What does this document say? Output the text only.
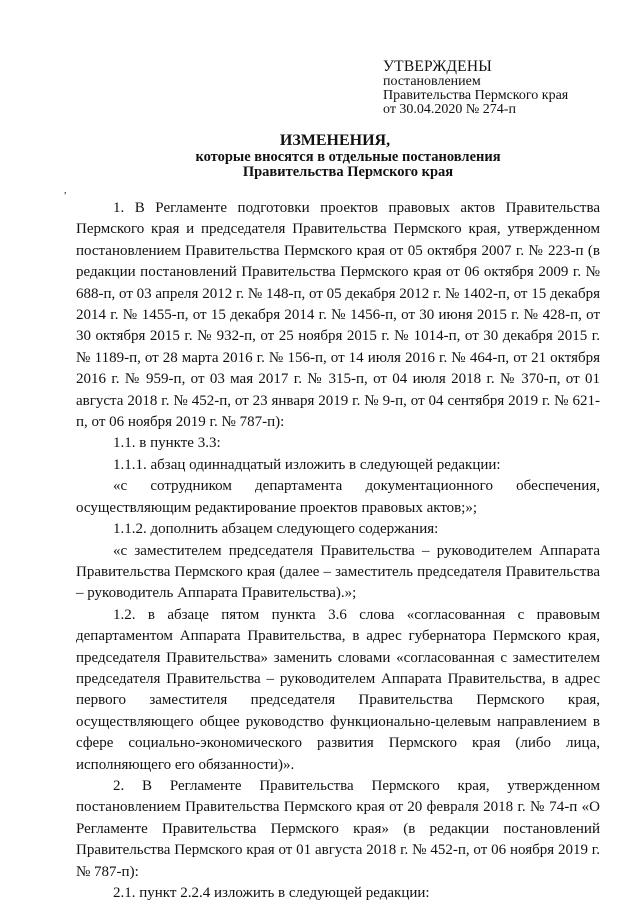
УТВЕРЖДЕНЫ
постановлением
Правительства Пермского края
от 30.04.2020 № 274-п
ИЗМЕНЕНИЯ,
которые вносятся в отдельные постановления
Правительства Пермского края
,

1. В Регламенте подготовки проектов правовых актов Правительства Пермского края и председателя Правительства Пермского края, утвержденном постановлением Правительства Пермского края от 05 октября 2007 г. № 223-п (в редакции постановлений Правительства Пермского края от 06 октября 2009 г. № 688-п, от 03 апреля 2012 г. № 148-п, от 05 декабря 2012 г. № 1402-п, от 15 декабря 2014 г. № 1455-п, от 15 декабря 2014 г. № 1456-п, от 30 июня 2015 г. № 428-п, от 30 октября 2015 г. № 932-п, от 25 ноября 2015 г. № 1014-п, от 30 декабря 2015 г. № 1189-п, от 28 марта 2016 г. № 156-п, от 14 июля 2016 г. № 464-п, от 21 октября 2016 г. № 959-п, от 03 мая 2017 г. № 315-п, от 04 июля 2018 г. № 370-п, от 01 августа 2018 г. № 452-п, от 23 января 2019 г. № 9-п, от 04 сентября 2019 г. № 621-п, от 06 ноября 2019 г. № 787-п):

1.1. в пункте 3.3:

1.1.1. абзац одиннадцатый изложить в следующей редакции:

«с сотрудником департамента документационного обеспечения, осуществляющим редактирование проектов правовых актов;»;

1.1.2. дополнить абзацем следующего содержания:

«с заместителем председателя Правительства – руководителем Аппарата Правительства Пермского края (далее – заместитель председателя Правительства – руководитель Аппарата Правительства).»;

1.2. в абзаце пятом пункта 3.6 слова «согласованная с правовым департаментом Аппарата Правительства, в адрес губернатора Пермского края, председателя Правительства» заменить словами «согласованная с заместителем председателя Правительства – руководителем Аппарата Правительства, в адрес первого заместителя председателя Правительства Пермского края, осуществляющего общее руководство функционально-целевым направлением в сфере социально-экономического развития Пермского края (либо лица, исполняющего его обязанности)».

2. В Регламенте Правительства Пермского края, утвержденном постановлением Правительства Пермского края от 20 февраля 2018 г. № 74-п «О Регламенте Правительства Пермского края» (в редакции постановлений Правительства Пермского края от 01 августа 2018 г. № 452-п, от 06 ноября 2019 г. № 787-п):

2.1. пункт 2.2.4 изложить в следующей редакции:
